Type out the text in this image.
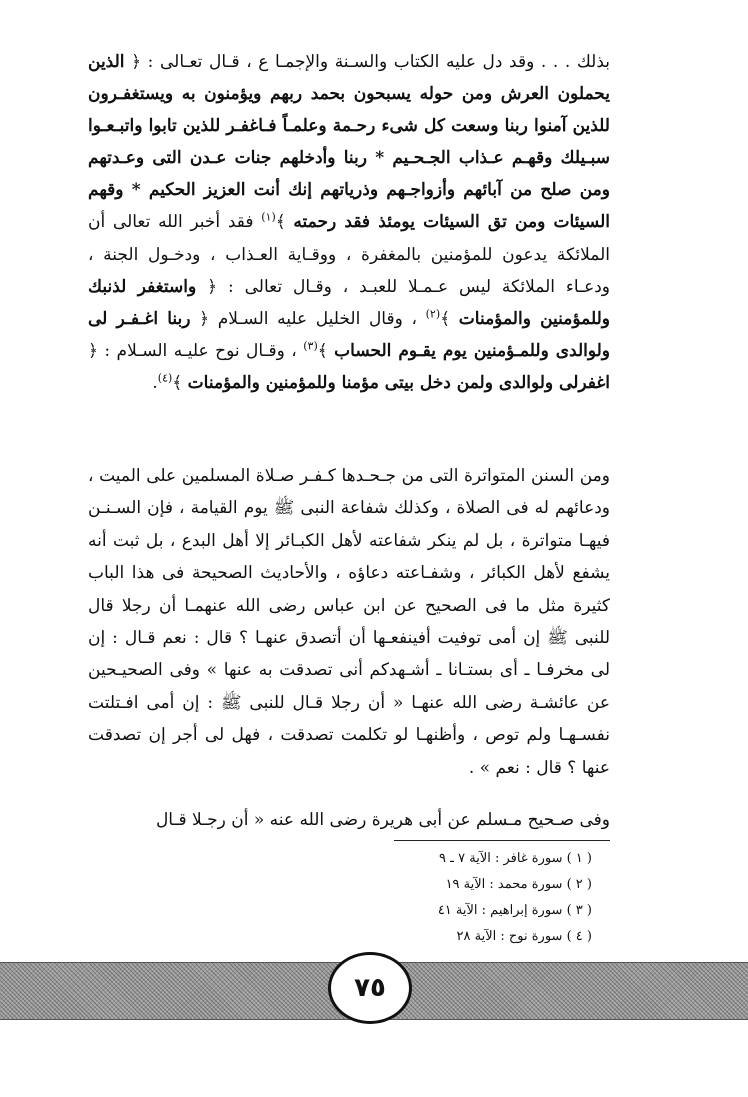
بذلك . . . وقد دل عليه الكتاب والسـنة والإجمـا ع ، قـال تعـالى : ﴿ الذين يحملون العرش ومن حوله يسبحون بحمد ربهم ويؤمنون به ويستغفـرون للذين آمنوا ربنا وسعت كل شىء رحـمة وعلمـاً فـاغفـر للذين تابوا واتبـعـوا سبـيلك وقهـم عـذاب الجـحـيم * ربنا وأدخلهم جنات عـدن التى وعـدتهم ومن صلح من آبائهم وأزواجـهم وذرياتهم إنك أنت العزيز الحكيم * وقهم السيئات ومن تق السيئات يومئذ فقد رحمته ﴾$^{(١)}$ فقد أخبر الله تعالى أن الملائكة يدعون للمؤمنين بالمغفرة ، ووقـاية العـذاب ، ودخـول الجنة ، ودعـاء الملائكة ليس عـمـلا للعبـد ، وقـال تعالى : ﴿ واستغفر لذنبك وللمؤمنين والمؤمنات ﴾$^{(٢)}$ ، وقال الخليل عليه السـلام ﴿ ربنا اغـفـر لى ولوالدى وللمـؤمنين يوم يقـوم الحساب ﴾$^{(٣)}$ ، وقـال نوح عليـه السـلام : ﴿ اغفرلى ولوالدى ولمن دخل بيتى مؤمنا وللمؤمنين والمؤمنات ﴾$^{(٤)}$.

ومن السنن المتواترة التى من جـحـدها كـفـر صـلاة المسلمين على الميت ، ودعائهم له فى الصلاة ، وكذلك شفاعة النبى ﷺ يوم القيامة ، فإن السـنـن فيهـا متواترة ، بل لم ينكر شفاعته لأهل الكبـائر إلا أهل البدع ، بل ثبت أنه يشفع لأهل الكبائر ، وشفـاعته دعاؤه ، والأحاديث الصحيحة فى هذا الباب كثيرة مثل ما فى الصحيح عن ابن عباس رضى الله عنهمـا أن رجلا قال للنبى ﷺ إن أمى توفيت أفينفعـها أن أتصدق عنهـا ؟ قال : نعم قـال : إن لى مخرفـا ـ أى بستـانا ـ أشـهدكم أنى تصدقت به عنها » وفى الصحيـحين عن عائشـة رضى الله عنهـا « أن رجلا قـال للنبى ﷺ : إن أمى افـتلتت نفسـهـا ولم توص ، وأظنهـا لو تكلمت تصدقت ، فهل لى أجر إن تصدقت عنها ؟ قال : نعم » .

وفى صـحيح مـسلم عن أبى هريرة رضى الله عنه « أن رجـلا قـال

( ١ ) سورة غافر : الآية ٧ ـ ٩
( ٢ ) سورة محمد : الآية ١٩
( ٣ ) سورة إبراهيم : الآية ٤١
( ٤ ) سورة نوح : الآية ٢٨
٧٥
